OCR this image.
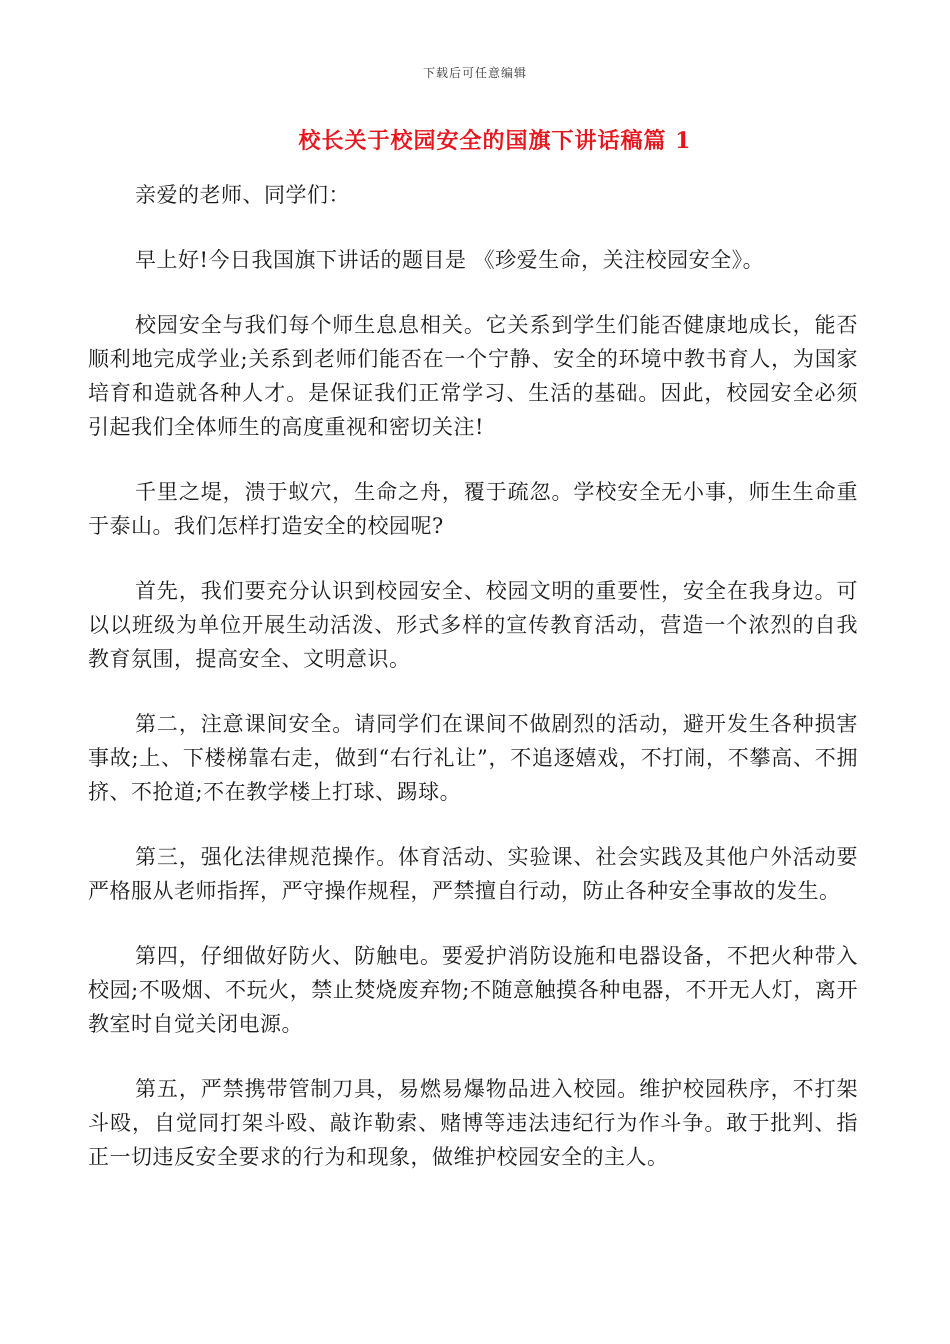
下载后可任意编辑
校长关于校园安全的国旗下讲话稿篇 1

亲爱的老师、同学们：

早上好!今日我国旗下讲话的题目是 《珍爱生命，关注校园安全》。

校园安全与我们每个师生息息相关。它关系到学生们能否健康地成长，能否顺利地完成学业;关系到老师们能否在一个宁静、安全的环境中教书育人，为国家培育和造就各种人才。是保证我们正常学习、生活的基础。因此，校园安全必须引起我们全体师生的高度重视和密切关注!

千里之堤，溃于蚁穴，生命之舟，覆于疏忽。学校安全无小事，师生生命重于泰山。我们怎样打造安全的校园呢?

首先，我们要充分认识到校园安全、校园文明的重要性，安全在我身边。可以以班级为单位开展生动活泼、形式多样的宣传教育活动，营造一个浓烈的自我教育氛围，提高安全、文明意识。

第二，注意课间安全。请同学们在课间不做剧烈的活动，避开发生各种损害事故;上、下楼梯靠右走，做到“右行礼让”，不追逐嬉戏，不打闹，不攀高、不拥挤、不抢道;不在教学楼上打球、踢球。

第三，强化法律规范操作。体育活动、实验课、社会实践及其他户外活动要严格服从老师指挥，严守操作规程，严禁擅自行动，防止各种安全事故的发生。

第四，仔细做好防火、防触电。要爱护消防设施和电器设备，不把火种带入校园;不吸烟、不玩火，禁止焚烧废弃物;不随意触摸各种电器，不开无人灯，离开教室时自觉关闭电源。

第五，严禁携带管制刀具，易燃易爆物品进入校园。维护校园秩序，不打架斗殴，自觉同打架斗殴、敲诈勒索、赌博等违法违纪行为作斗争。敢于批判、指正一切违反安全要求的行为和现象，做维护校园安全的主人。
